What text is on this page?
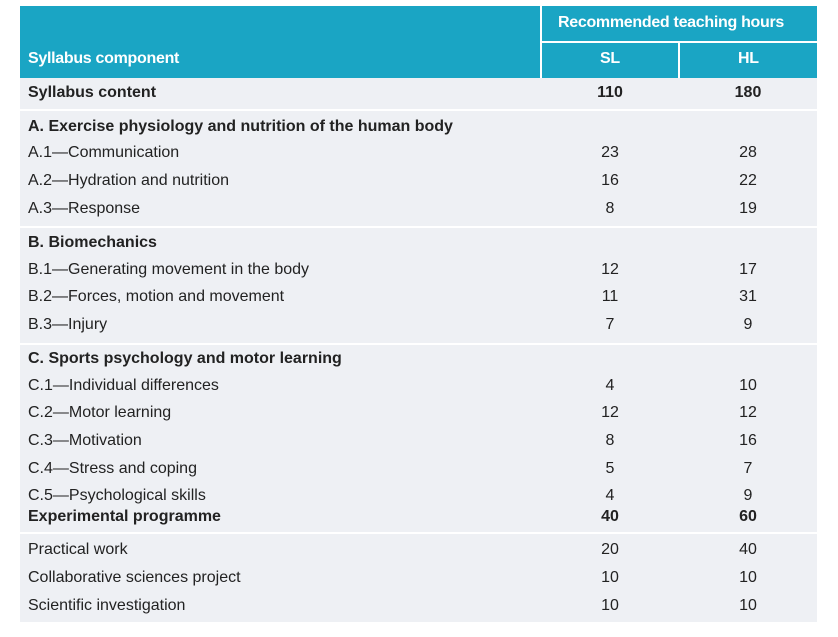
Recommended teaching hours
Syllabus component	SL	HL
Syllabus content	110	180
A. Exercise physiology and nutrition of the human body
A.1—Communication	23	28
A.2—Hydration and nutrition	16	22
A.3—Response	8	19
B. Biomechanics
B.1—Generating movement in the body	12	17
B.2—Forces, motion and movement	11	31
B.3—Injury	7	9
C. Sports psychology and motor learning
C.1—Individual differences	4	10
C.2—Motor learning	12	12
C.3—Motivation	8	16
C.4—Stress and coping	5	7
C.5—Psychological skills	4	9
Experimental programme	40	60
Practical work	20	40
Collaborative sciences project	10	10
Scientific investigation	10	10
